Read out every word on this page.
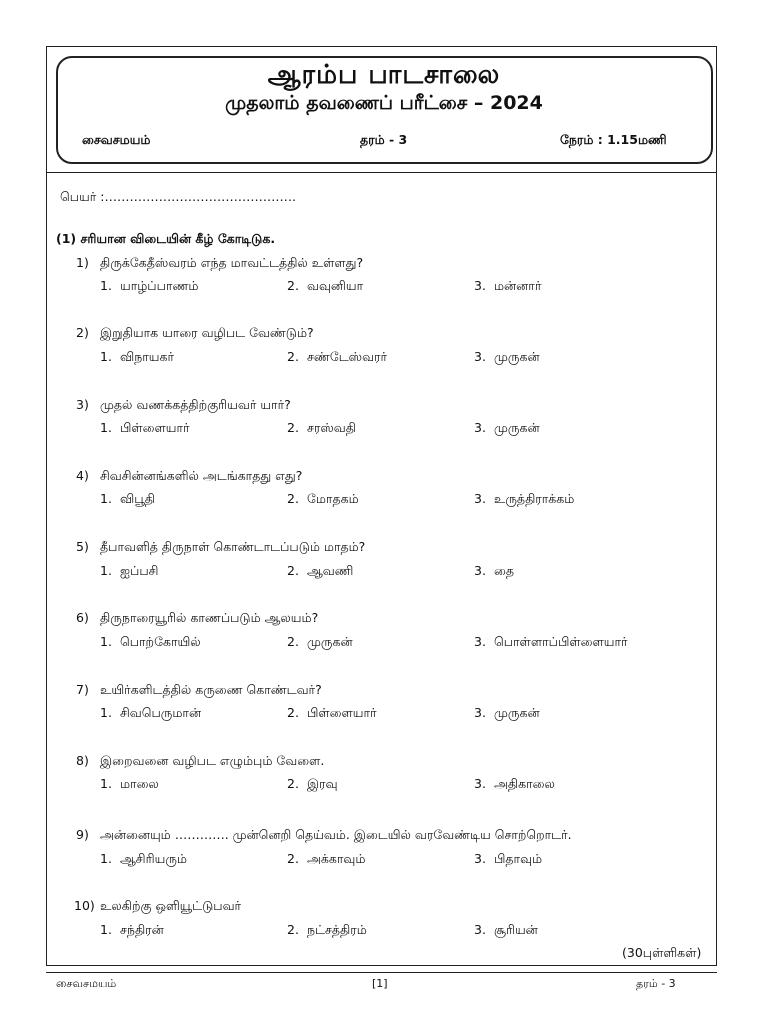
ஆரம்ப பாடசாலை
முதலாம் தவணைப் பரீட்சை – 2024
சைவசமயம்	தரம் - 3	நேரம் : 1.15மணி
பெயர் :……………………………………….
(1) சரியான விடையின் கீழ் கோடிடுக.
1) திருக்கேதீஸ்வரம் எந்த மாவட்டத்தில் உள்ளது?
1. யாழ்ப்பாணம்	2. வவுனியா	3. மன்னார்
2) இறுதியாக யாரை வழிபட வேண்டும்?
1. விநாயகர்	2. சண்டேஸ்வரர்	3. முருகன்
3) முதல் வணக்கத்திற்குரியவர் யார்?
1. பிள்ளையார்	2. சரஸ்வதி	3. முருகன்
4) சிவசின்னங்களில் அடங்காதது எது?
1. விபூதி	2. மோதகம்	3. உருத்திராக்கம்
5) தீபாவளித் திருநாள் கொண்டாடப்படும் மாதம்?
1. ஐப்பசி	2. ஆவணி	3. தை
6) திருநாரையூரில் காணப்படும் ஆலயம்?
1. பொற்கோயில்	2. முருகன்	3. பொள்ளாப்பிள்ளையார்
7) உயிர்களிடத்தில் கருணை கொண்டவர்?
1. சிவபெருமான்	2. பிள்ளையார்	3. முருகன்
8) இறைவனை வழிபட எழும்பும் வேளை.
1. மாலை	2. இரவு	3. அதிகாலை
9) அன்னையும் …………. முன்னெறி தெய்வம். இடையில் வரவேண்டிய சொற்றொடர்.
1. ஆசிரியரும்	2. அக்காவும்	3. பிதாவும்
10) உலகிற்கு ஒளியூட்டுபவர்
1. சந்திரன்	2. நட்சத்திரம்	3. சூரியன்
(30புள்ளிகள்)
சைவசமயம்	[1]	தரம் - 3
